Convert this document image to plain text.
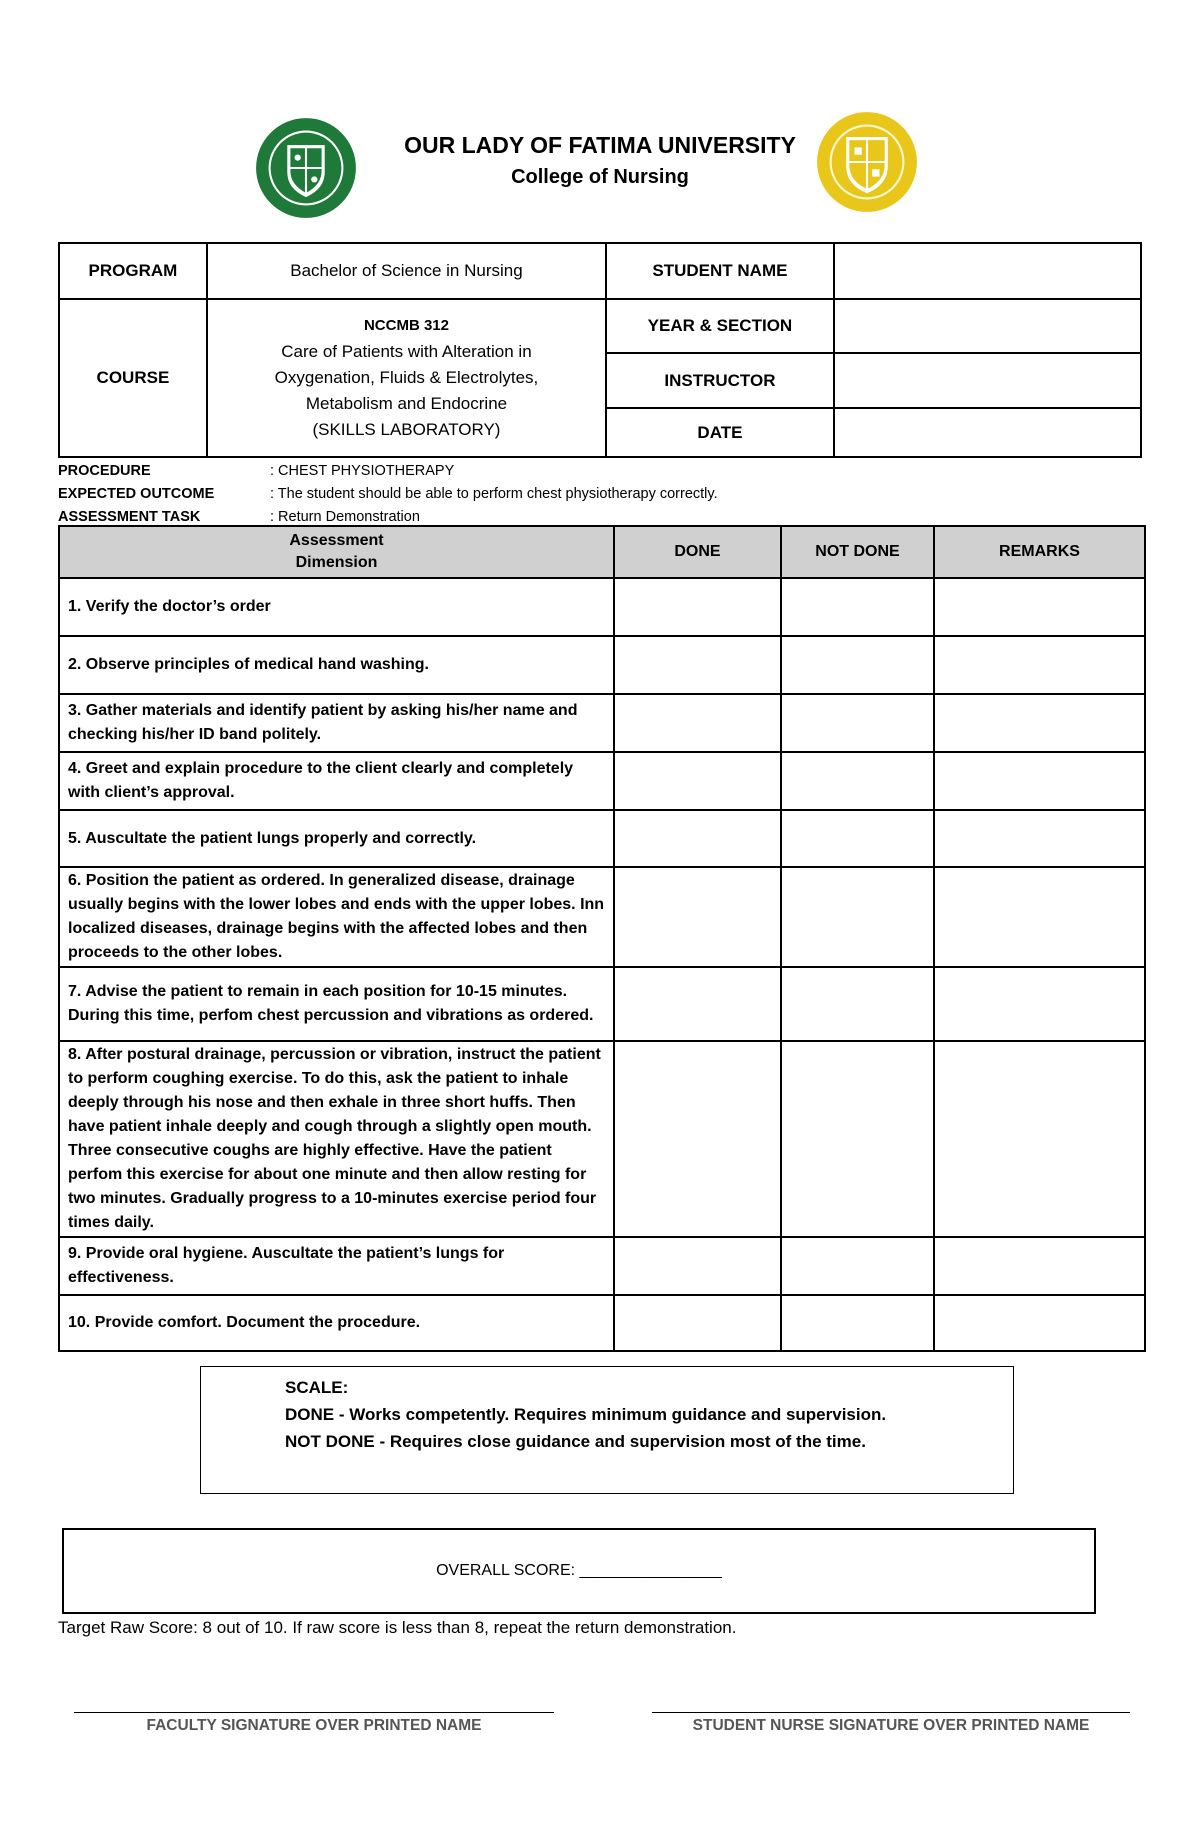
OUR LADY OF FATIMA UNIVERSITY
College of Nursing
PROGRAM	Bachelor of Science in Nursing	STUDENT NAME	
COURSE	NCCMB 312
Care of Patients with Alteration in
Oxygenation, Fluids & Electrolytes,
Metabolism and Endocrine
(SKILLS LABORATORY)	YEAR & SECTION	
		INSTRUCTOR	
		DATE	
PROCEDURE	: CHEST PHYSIOTHERAPY
EXPECTED OUTCOME	: The student should be able to perform chest physiotherapy correctly.
ASSESSMENT TASK	: Return Demonstration
Assessment
Dimension	DONE	NOT DONE	REMARKS
1. Verify the doctor’s order			
2. Observe principles of medical hand washing.			
3. Gather materials and identify patient by asking his/her name and checking his/her ID band politely.			
4. Greet and explain procedure to the client clearly and completely with client’s approval.			
5. Auscultate the patient lungs properly and correctly.			
6. Position the patient as ordered. In generalized disease, drainage usually begins with the lower lobes and ends with the upper lobes. Inn localized diseases, drainage begins with the affected lobes and then proceeds to the other lobes.			
7. Advise the patient to remain in each position for 10-15 minutes. During this time, perfom chest percussion and vibrations as ordered.			
8. After postural drainage, percussion or vibration, instruct the patient to perform coughing exercise. To do this, ask the patient to inhale deeply through his nose and then exhale in three short huffs. Then have patient inhale deeply and cough through a slightly open mouth. Three consecutive coughs are highly effective. Have the patient perfom this exercise for about one minute and then allow resting for two minutes. Gradually progress to a 10-minutes exercise period four times daily.			
9. Provide oral hygiene. Auscultate the patient’s lungs for effectiveness.			
10. Provide comfort. Document the procedure.			
SCALE:
DONE - Works competently. Requires minimum guidance and supervision.
NOT DONE - Requires close guidance and supervision most of the time.
OVERALL SCORE: ________________
Target Raw Score: 8 out of 10. If raw score is less than 8, repeat the return demonstration.
FACULTY SIGNATURE OVER PRINTED NAME	STUDENT NURSE SIGNATURE OVER PRINTED NAME
